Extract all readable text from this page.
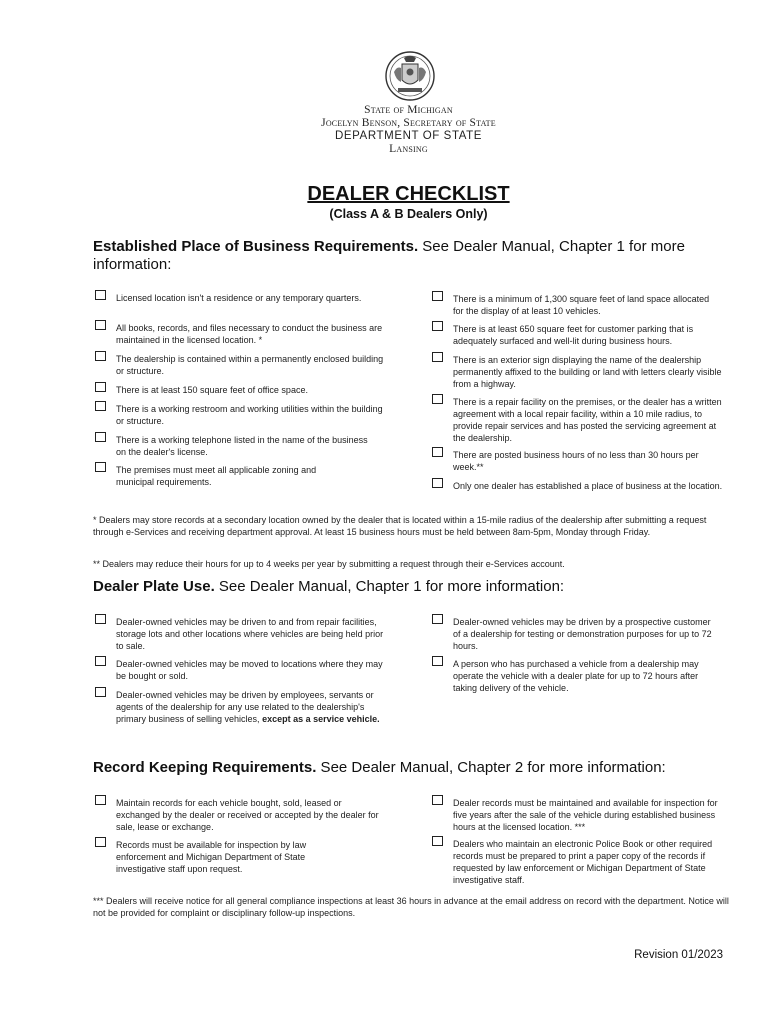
State of Michigan
Jocelyn Benson, Secretary of State
DEPARTMENT OF STATE
Lansing
DEALER CHECKLIST
(Class A & B Dealers Only)
Established Place of Business Requirements. See Dealer Manual, Chapter 1 for more
information:
Licensed location isn't a residence or any temporary quarters.
All books, records, and files necessary to conduct the business are maintained in the licensed location. *
The dealership is contained within a permanently enclosed building or structure.
There is at least 150 square feet of office space.
There is a working restroom and working utilities within the building or structure.
There is a working telephone listed in the name of the business on the dealer's license.
The premises must meet all applicable zoning and municipal requirements.
There is a minimum of 1,300 square feet of land space allocated for the display of at least 10 vehicles.
There is at least 650 square feet for customer parking that is adequately surfaced and well-lit during business hours.
There is an exterior sign displaying the name of the dealership permanently affixed to the building or land with letters clearly visible from a highway.
There is a repair facility on the premises, or the dealer has a written agreement with a local repair facility, within a 10 mile radius, to provide repair services and has posted the servicing agreement at the dealership.
There are posted business hours of no less than 30 hours per week.**
Only one dealer has established a place of business at the location.
* Dealers may store records at a secondary location owned by the dealer that is located within a 15-mile radius of the dealership after submitting a request through e-Services and receiving department approval. At least 15 business hours must be held between 8am-5pm, Monday through Friday.
** Dealers may reduce their hours for up to 4 weeks per year by submitting a request through their e-Services account.
Dealer Plate Use. See Dealer Manual, Chapter 1 for more information:
Dealer-owned vehicles may be driven to and from repair facilities, storage lots and other locations where vehicles are being held prior to sale.
Dealer-owned vehicles may be moved to locations where they may be bought or sold.
Dealer-owned vehicles may be driven by employees, servants or agents of the dealership for any use related to the dealership's primary business of selling vehicles, except as a service vehicle.
Dealer-owned vehicles may be driven by a prospective customer of a dealership for testing or demonstration purposes for up to 72 hours.
A person who has purchased a vehicle from a dealership may operate the vehicle with a dealer plate for up to 72 hours after taking delivery of the vehicle.
Record Keeping Requirements. See Dealer Manual, Chapter 2 for more information:
Maintain records for each vehicle bought, sold, leased or exchanged by the dealer or received or accepted by the dealer for sale, lease or exchange.
Records must be available for inspection by law enforcement and Michigan Department of State investigative staff upon request.
Dealer records must be maintained and available for inspection for five years after the sale of the vehicle during established business hours at the licensed location. ***
Dealers who maintain an electronic Police Book or other required records must be prepared to print a paper copy of the records if requested by law enforcement or Michigan Department of State investigative staff.
*** Dealers will receive notice for all general compliance inspections at least 36 hours in advance at the email address on record with the department. Notice will not be provided for complaint or disciplinary follow-up inspections.
Revision 01/2023
